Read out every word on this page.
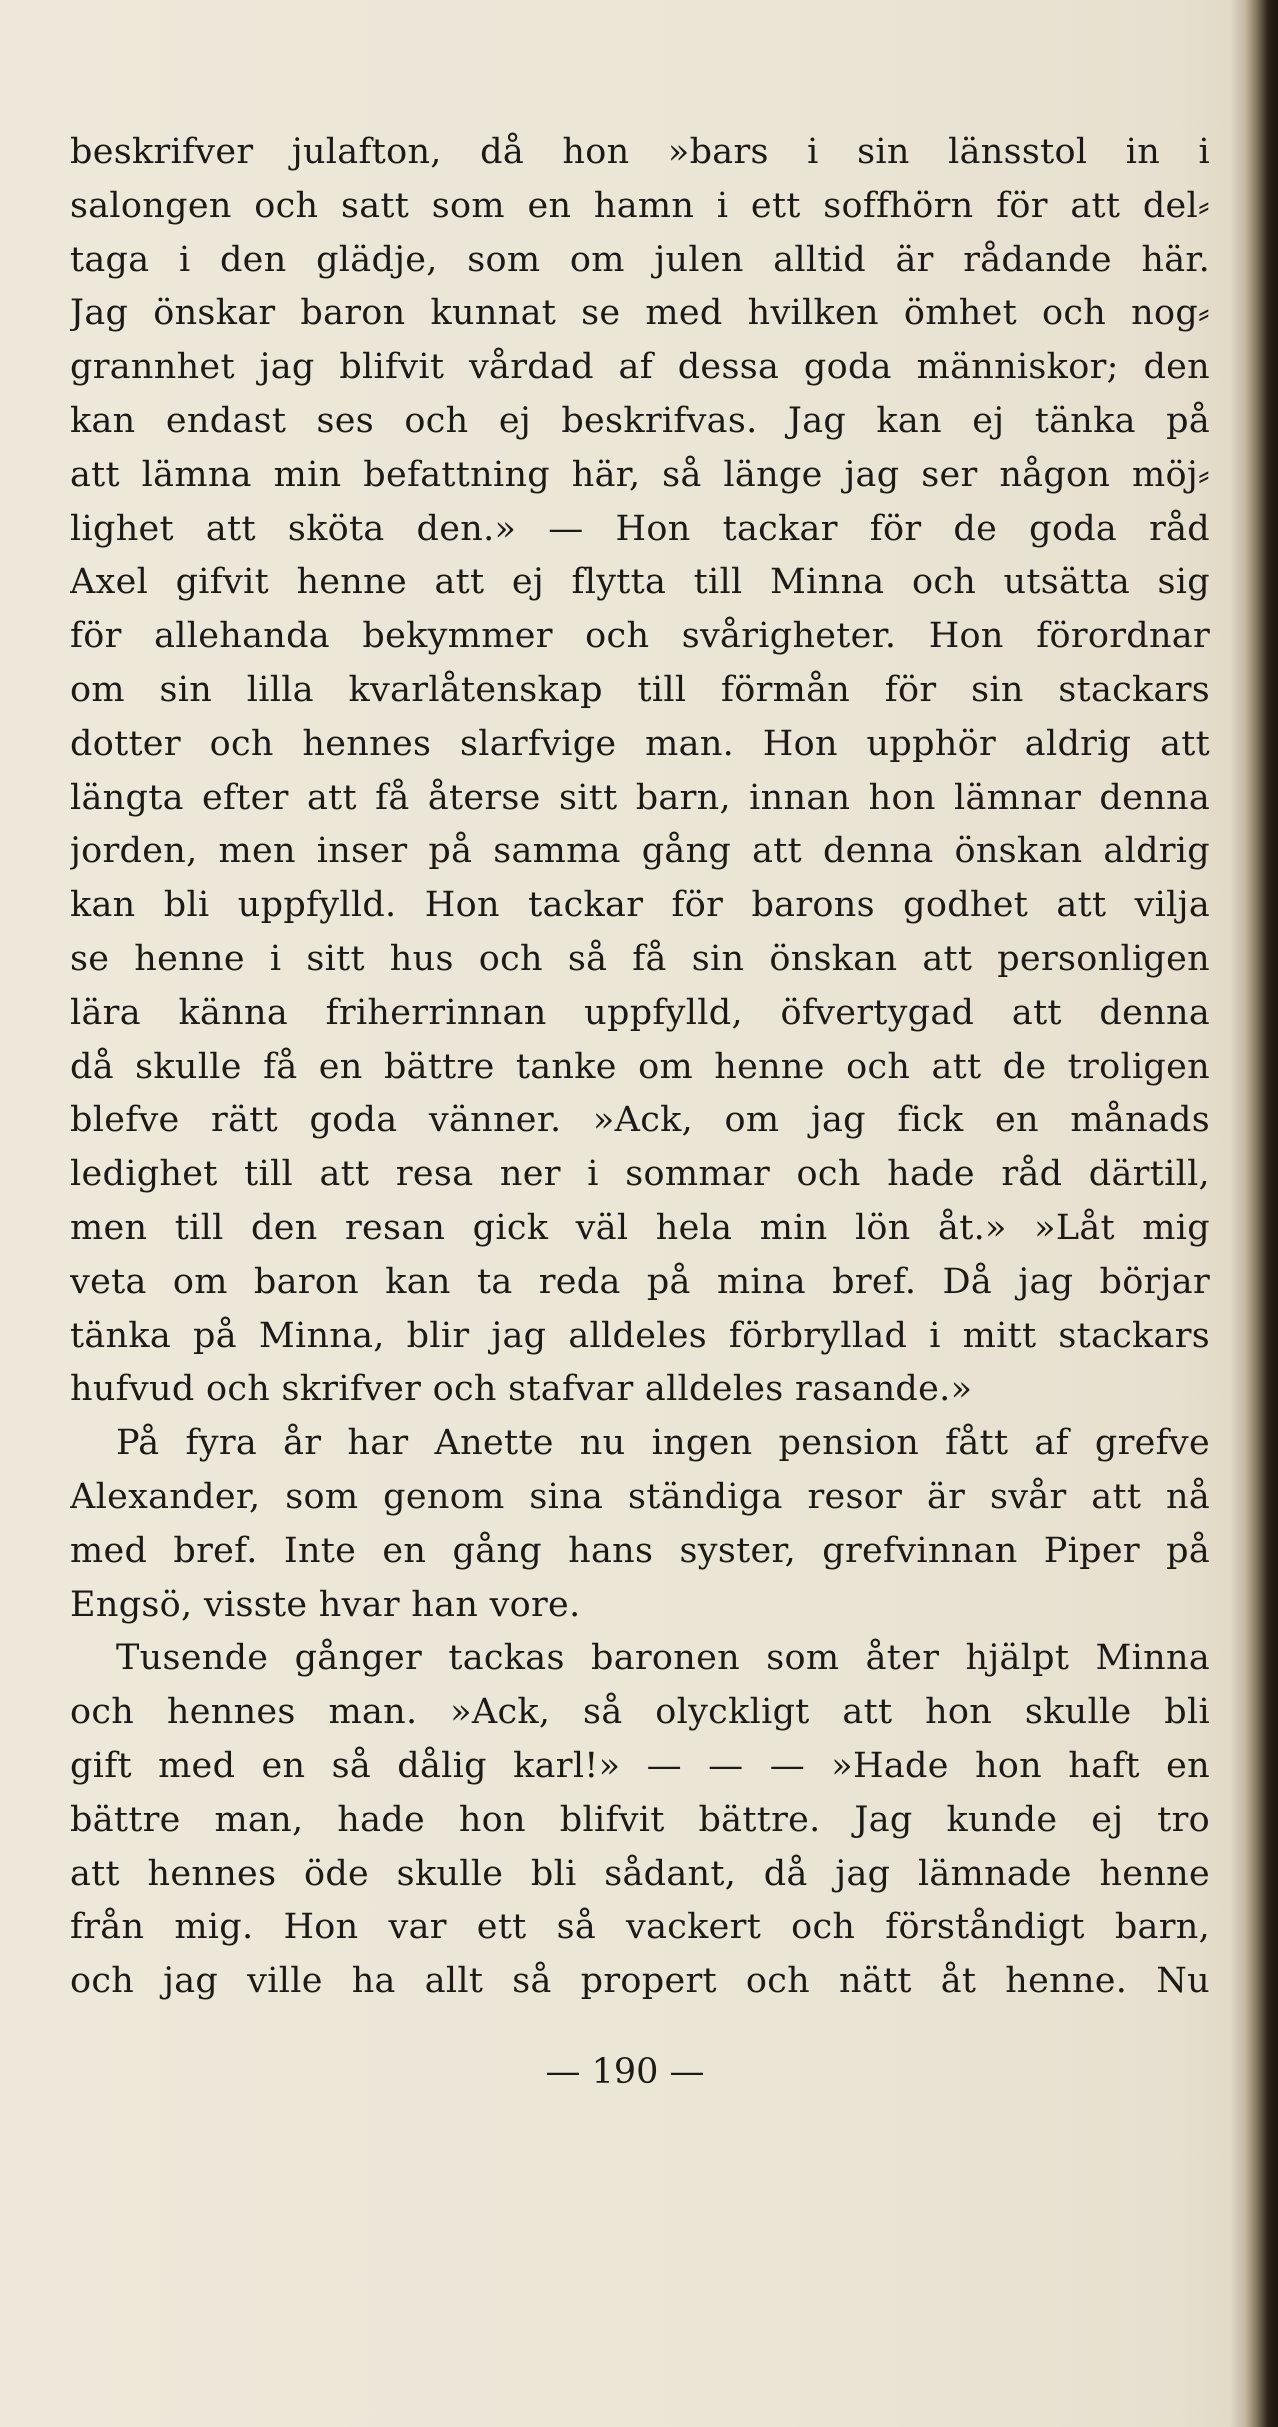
beskrifver julafton, då hon »bars i sin länsstol in i
salongen och satt som en hamn i ett soffhörn för att del⸗
taga i den glädje, som om julen alltid är rådande här.
Jag önskar baron kunnat se med hvilken ömhet och nog⸗
grannhet jag blifvit vårdad af dessa goda människor; den
kan endast ses och ej beskrifvas. Jag kan ej tänka på
att lämna min befattning här, så länge jag ser någon möj⸗
lighet att sköta den.» — Hon tackar för de goda råd
Axel gifvit henne att ej flytta till Minna och utsätta sig
för allehanda bekymmer och svårigheter. Hon förordnar
om sin lilla kvarlåtenskap till förmån för sin stackars
dotter och hennes slarfvige man. Hon upphör aldrig att
längta efter att få återse sitt barn, innan hon lämnar denna
jorden, men inser på samma gång att denna önskan aldrig
kan bli uppfylld. Hon tackar för barons godhet att vilja
se henne i sitt hus och så få sin önskan att personligen
lära känna friherrinnan uppfylld, öfvertygad att denna
då skulle få en bättre tanke om henne och att de troligen
blefve rätt goda vänner. »Ack, om jag fick en månads
ledighet till att resa ner i sommar och hade råd därtill,
men till den resan gick väl hela min lön åt.» »Låt mig
veta om baron kan ta reda på mina bref. Då jag börjar
tänka på Minna, blir jag alldeles förbryllad i mitt stackars
hufvud och skrifver och stafvar alldeles rasande.»
På fyra år har Anette nu ingen pension fått af grefve
Alexander, som genom sina ständiga resor är svår att nå
med bref. Inte en gång hans syster, grefvinnan Piper på
Engsö, visste hvar han vore.
Tusende gånger tackas baronen som åter hjälpt Minna
och hennes man. »Ack, så olyckligt att hon skulle bli
gift med en så dålig karl!» — — — »Hade hon haft en
bättre man, hade hon blifvit bättre. Jag kunde ej tro
att hennes öde skulle bli sådant, då jag lämnade henne
från mig. Hon var ett så vackert och förståndigt barn,
och jag ville ha allt så propert och nätt åt henne. Nu
— 190 —
